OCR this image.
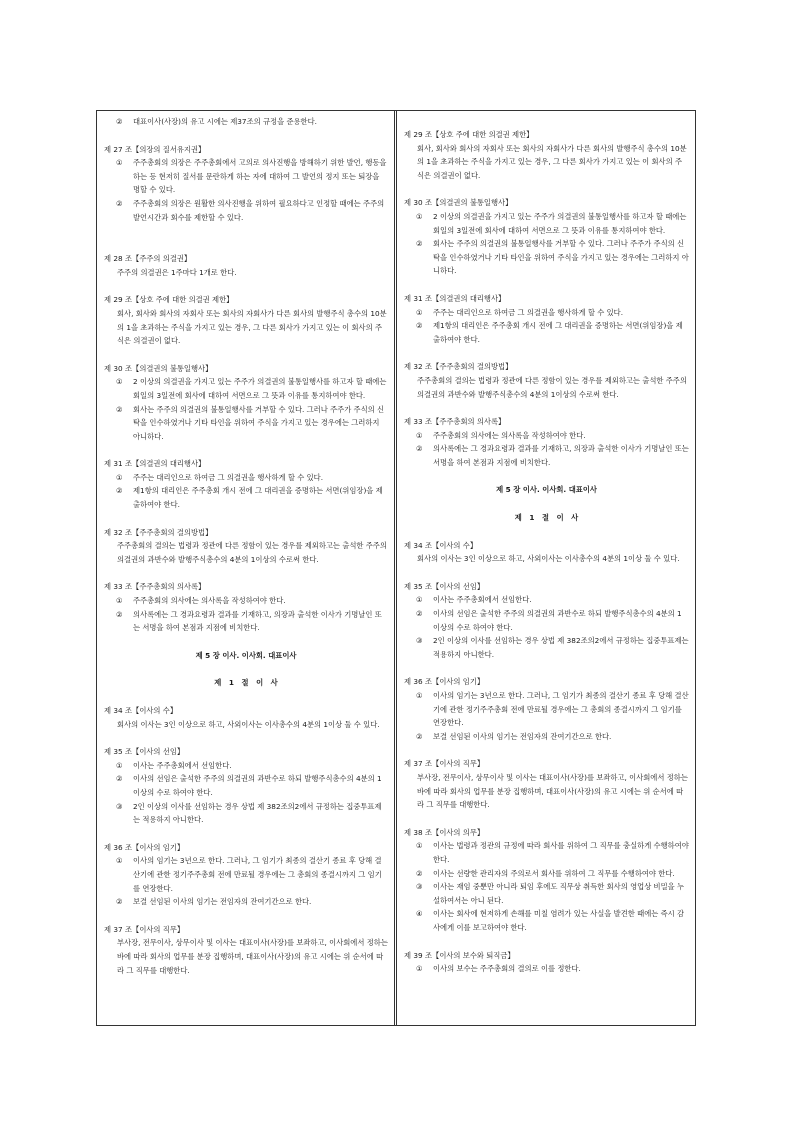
②	대표이사(사장)의 유고 시에는 제37조의 규정을 준용한다.

제 27 조【의장의 질서유지권】

①	주주총회의 의장은 주주총회에서 고의로 의사진행을 방해하기 위한 발언, 행동을 하는 등 현저히 질서를 문란하게 하는 자에 대하여 그 발언의 정지 또는 퇴장을 명할 수 있다.
②	주주총회의 의장은 원활한 의사진행을 위하여 필요하다고 인정할 때에는 주주의 발언시간과 회수를 제한할 수 있다.

제 28 조【주주의 의결권】

주주의 의결권은 1주마다 1개로 한다.

제 29 조【상호 주에 대한 의결권 제한】

회사, 회사와 회사의 자회사 또는 회사의 자회사가 다른 회사의 발행주식 총수의 10분의 1을 초과하는 주식을 가지고 있는 경우, 그 다른 회사가 가지고 있는 이 회사의 주식은 의결권이 없다.

제 30 조【의결권의 불통일행사】

①	2 이상의 의결권을 가지고 있는 주주가 의결권의 불통일행사를 하고자 할 때에는 회일의 3일전에 회사에 대하여 서면으로 그 뜻과 이유를 통지하여야 한다.
②	회사는 주주의 의결권의 불통일행사를 거부할 수 있다. 그러나 주주가 주식의 신탁을 인수하였거나 기타 타인을 위하여 주식을 가지고 있는 경우에는 그러하지 아니하다.

제 31 조【의결권의 대리행사】

①	주주는 대리인으로 하여금 그 의결권을 행사하게 할 수 있다.
②	제1항의 대리인은 주주총회 개시 전에 그 대리권을 증명하는 서면(위임장)을 제출하여야 한다.

제 32 조【주주총회의 결의방법】

주주총회의 결의는 법령과 정관에 다른 정함이 있는 경우를 제외하고는 출석한 주주의 의결권의 과반수와 발행주식총수의 4분의 1이상의 수로써 한다.

제 33 조【주주총회의 의사록】

①	주주총회의 의사에는 의사록을 작성하여야 한다.
②	의사록에는 그 경과요령과 결과를 기재하고, 의장과 출석한 이사가 기명날인 또는 서명을 하여 본점과 지점에 비치한다.

제 5 장 이사. 이사회. 대표이사

제 1 절 이 사

제 34 조【이사의 수】

회사의 이사는 3인 이상으로 하고, 사외이사는 이사총수의 4분의 1이상 둘 수 있다.

제 35 조【이사의 선임】

①	이사는 주주총회에서 선임한다.
②	이사의 선임은 출석한 주주의 의결권의 과반수로 하되 발행주식총수의 4분의 1 이상의 수로 하여야 한다.
③	2인 이상의 이사를 선임하는 경우 상법 제 382조의2에서 규정하는 집중투표제는 적용하지 아니한다.

제 36 조【이사의 임기】

①	이사의 임기는 3년으로 한다. 그러나, 그 임기가 최종의 결산기 종료 후 당해 결산기에 관한 정기주주총회 전에 만료될 경우에는 그 총회의 종결시까지 그 임기를 연장한다.
②	보결 선임된 이사의 임기는 전임자의 잔여기간으로 한다.

제 37 조【이사의 직무】

부사장, 전무이사, 상무이사 및 이사는 대표이사(사장)를 보좌하고, 이사회에서 정하는 바에 따라 회사의 업무를 분장 집행하며, 대표이사(사장)의 유고 시에는 위 순서에 따라 그 직무를 대행한다.

제 29 조【상호 주에 대한 의결권 제한】

회사, 회사와 회사의 자회사 또는 회사의 자회사가 다른 회사의 발행주식 총수의 10분의 1을 초과하는 주식을 가지고 있는 경우, 그 다른 회사가 가지고 있는 이 회사의 주식은 의결권이 없다.

제 30 조【의결권의 불통일행사】

①	2 이상의 의결권을 가지고 있는 주주가 의결권의 불통일행사를 하고자 할 때에는 회일의 3일전에 회사에 대하여 서면으로 그 뜻과 이유를 통지하여야 한다.
②	회사는 주주의 의결권의 불통일행사를 거부할 수 있다. 그러나 주주가 주식의 신탁을 인수하였거나 기타 타인을 위하여 주식을 가지고 있는 경우에는 그러하지 아니하다.

제 31 조【의결권의 대리행사】

①	주주는 대리인으로 하여금 그 의결권을 행사하게 할 수 있다.
②	제1항의 대리인은 주주총회 개시 전에 그 대리권을 증명하는 서면(위임장)을 제출하여야 한다.

제 32 조【주주총회의 결의방법】

주주총회의 결의는 법령과 정관에 다른 정함이 있는 경우를 제외하고는 출석한 주주의 의결권의 과반수와 발행주식총수의 4분의 1이상의 수로써 한다.

제 33 조【주주총회의 의사록】

①	주주총회의 의사에는 의사록을 작성하여야 한다.
②	의사록에는 그 경과요령과 결과를 기재하고, 의장과 출석한 이사가 기명날인 또는 서명을 하여 본점과 지점에 비치한다.

제 5 장 이사. 이사회. 대표이사

제 1 절 이 사

제 34 조【이사의 수】

회사의 이사는 3인 이상으로 하고, 사외이사는 이사총수의 4분의 1이상 둘 수 있다.

제 35 조【이사의 선임】

①	이사는 주주총회에서 선임한다.
②	이사의 선임은 출석한 주주의 의결권의 과반수로 하되 발행주식총수의 4분의 1 이상의 수로 하여야 한다.
③	2인 이상의 이사를 선임하는 경우 상법 제 382조의2에서 규정하는 집중투표제는 적용하지 아니한다.

제 36 조【이사의 임기】

①	이사의 임기는 3년으로 한다. 그러나, 그 임기가 최종의 결산기 종료 후 당해 결산기에 관한 정기주주총회 전에 만료될 경우에는 그 총회의 종결시까지 그 임기를 연장한다.
②	보결 선임된 이사의 임기는 전임자의 잔여기간으로 한다.

제 37 조【이사의 직무】

부사장, 전무이사, 상무이사 및 이사는 대표이사(사장)를 보좌하고, 이사회에서 정하는 바에 따라 회사의 업무를 분장 집행하며, 대표이사(사장)의 유고 시에는 위 순서에 따라 그 직무를 대행한다.

제 38 조【이사의 의무】

①	이사는 법령과 정관의 규정에 따라 회사를 위하여 그 직무를 충실하게 수행하여야 한다.
②	이사는 선량한 관리자의 주의로서 회사를 위하여 그 직무를 수행하여야 한다.
③	이사는 재임 중뿐만 아니라 퇴임 후에도 직무상 취득한 회사의 영업상 비밀을 누설하여서는 아니 된다.
④	이사는 회사에 현저하게 손해를 미칠 염려가 있는 사실을 발견한 때에는 즉시 감사에게 이를 보고하여야 한다.

제 39 조【이사의 보수와 퇴직금】

①	이사의 보수는 주주총회의 결의로 이를 정한다.
